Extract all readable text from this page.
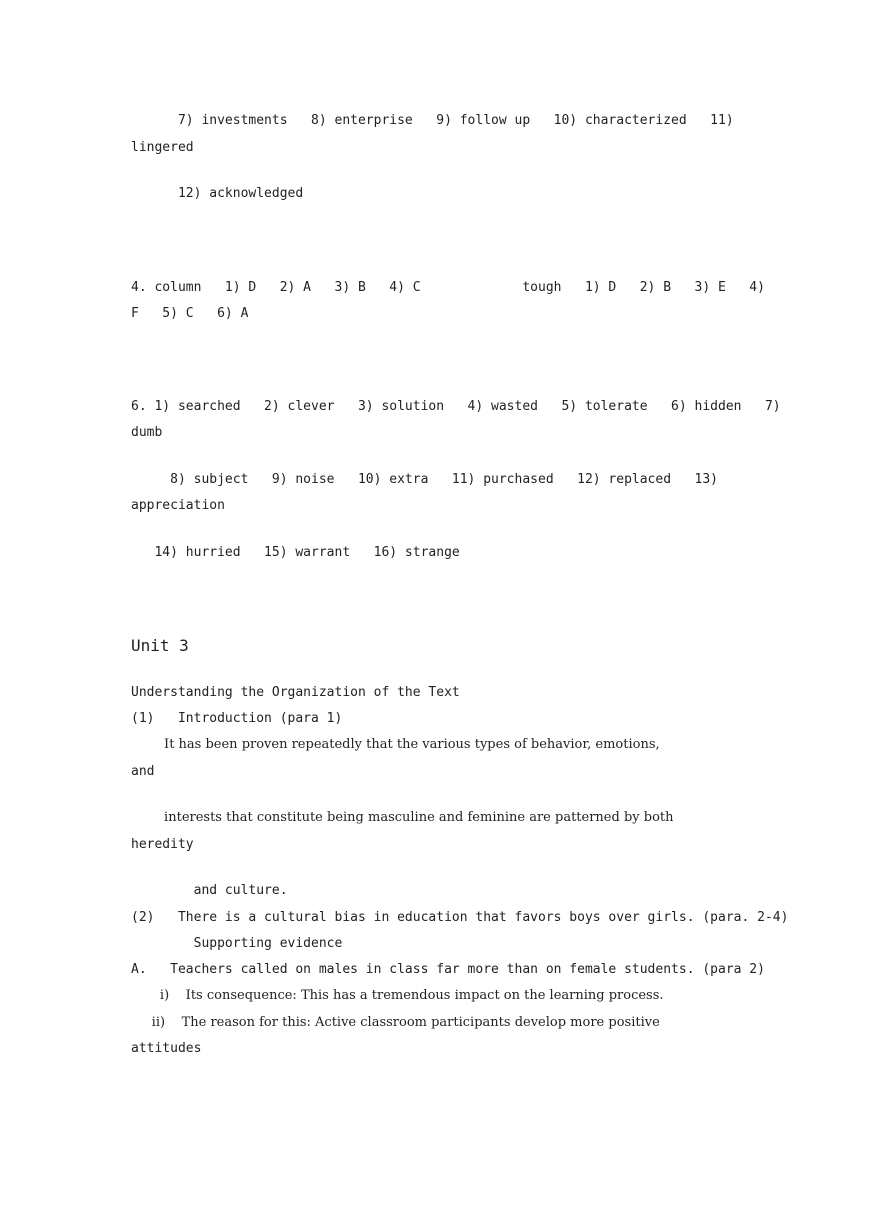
7) investments   8) enterprise   9) follow up   10) characterized   11)
lingered
12) acknowledged
4. column   1) D   2) A   3) B   4) C             tough   1) D   2) B   3) E   4)
F   5) C   6) A
6. 1) searched   2) clever   3) solution   4) wasted   5) tolerate   6) hidden   7)
dumb
8) subject   9) noise   10) extra   11) purchased   12) replaced   13)
appreciation
14) hurried   15) warrant   16) strange
Unit 3
Understanding the Organization of the Text
(1)   Introduction (para 1)
It has been proven repeatedly that the various types of behavior, emotions,
and
interests that constitute being masculine and feminine are patterned by both
heredity
and culture.
(2)   There is a cultural bias in education that favors boys over girls. (para. 2-4)
Supporting evidence
A.   Teachers called on males in class far more than on female students. (para 2)
i)    Its consequence: This has a tremendous impact on the learning process.
ii)    The reason for this: Active classroom participants develop more positive
attitudes
